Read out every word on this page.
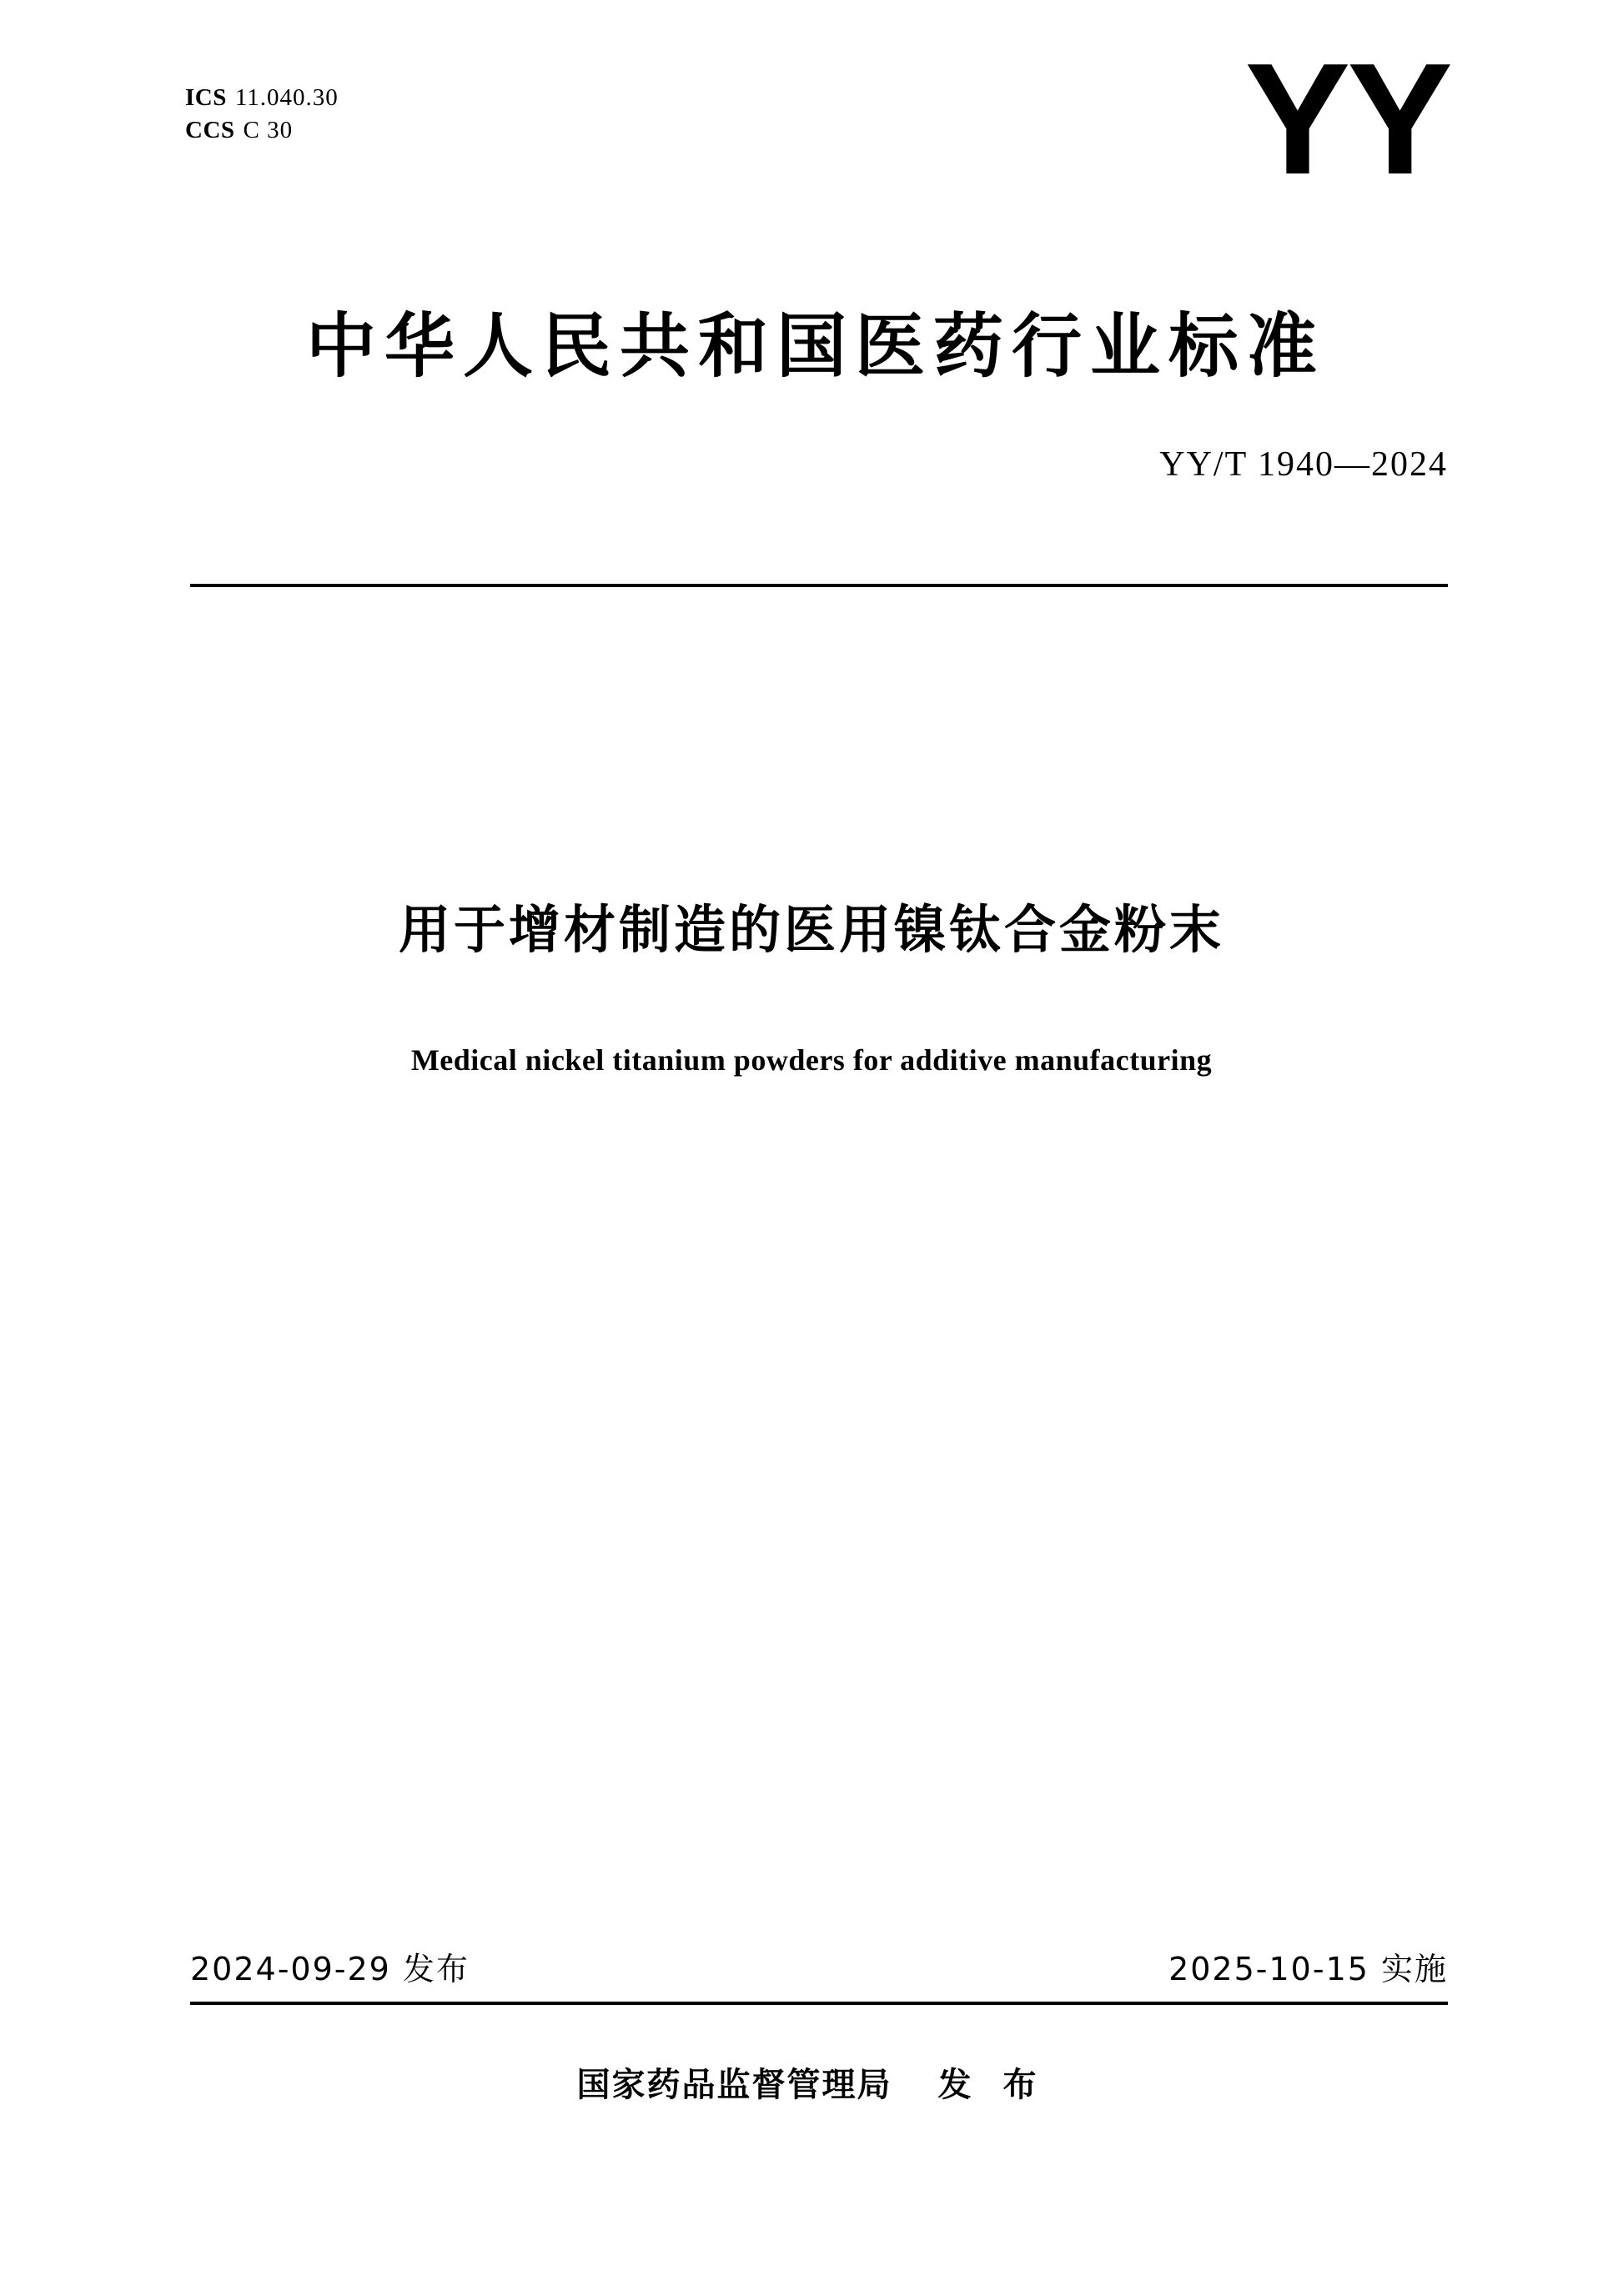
ICS 11.040.30
CCS C 30	YY
中华人民共和国医药行业标准
YY/T 1940—2024
用于增材制造的医用镍钛合金粉末
Medical nickel titanium powders for additive manufacturing
2024-09-29 发布	2025-10-15 实施
国家药品监督管理局 发 布
